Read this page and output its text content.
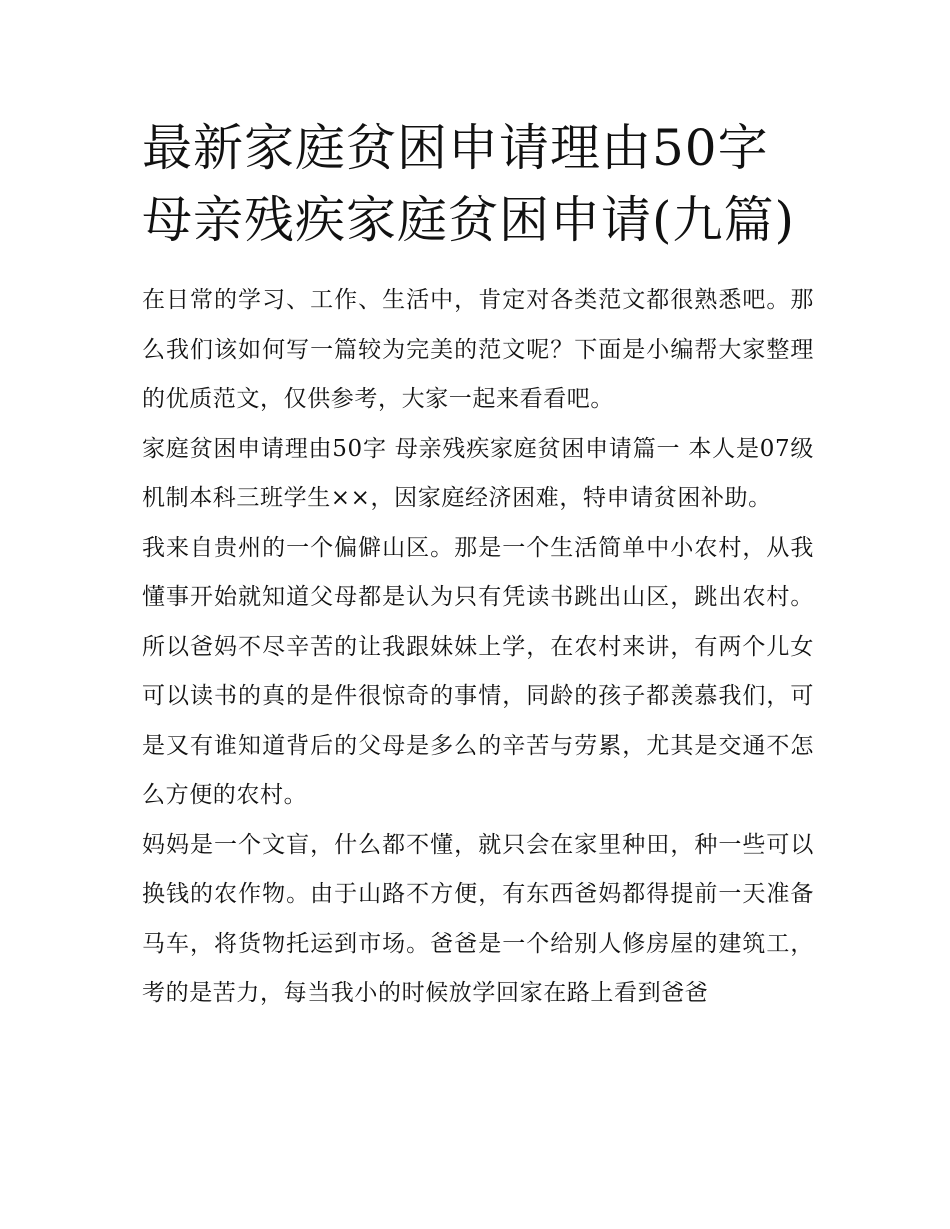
最新家庭贫困申请理由50字
母亲残疾家庭贫困申请(九篇)

在日常的学习、工作、生活中，肯定对各类范文都很熟悉吧。那么我们该如何写一篇较为完美的范文呢？下面是小编帮大家整理的优质范文，仅供参考，大家一起来看看吧。

家庭贫困申请理由50字 母亲残疾家庭贫困申请篇一 本人是07级机制本科三班学生××，因家庭经济困难，特申请贫困补助。

我来自贵州的一个偏僻山区。那是一个生活简单中小农村，从我懂事开始就知道父母都是认为只有凭读书跳出山区，跳出农村。所以爸妈不尽辛苦的让我跟妹妹上学，在农村来讲，有两个儿女可以读书的真的是件很惊奇的事情，同龄的孩子都羡慕我们，可是又有谁知道背后的父母是多么的辛苦与劳累，尤其是交通不怎么方便的农村。

妈妈是一个文盲，什么都不懂，就只会在家里种田，种一些可以换钱的农作物。由于山路不方便，有东西爸妈都得提前一天准备马车，将货物托运到市场。爸爸是一个给别人修房屋的建筑工，考的是苦力，每当我小的时候放学回家在路上看到爸爸
